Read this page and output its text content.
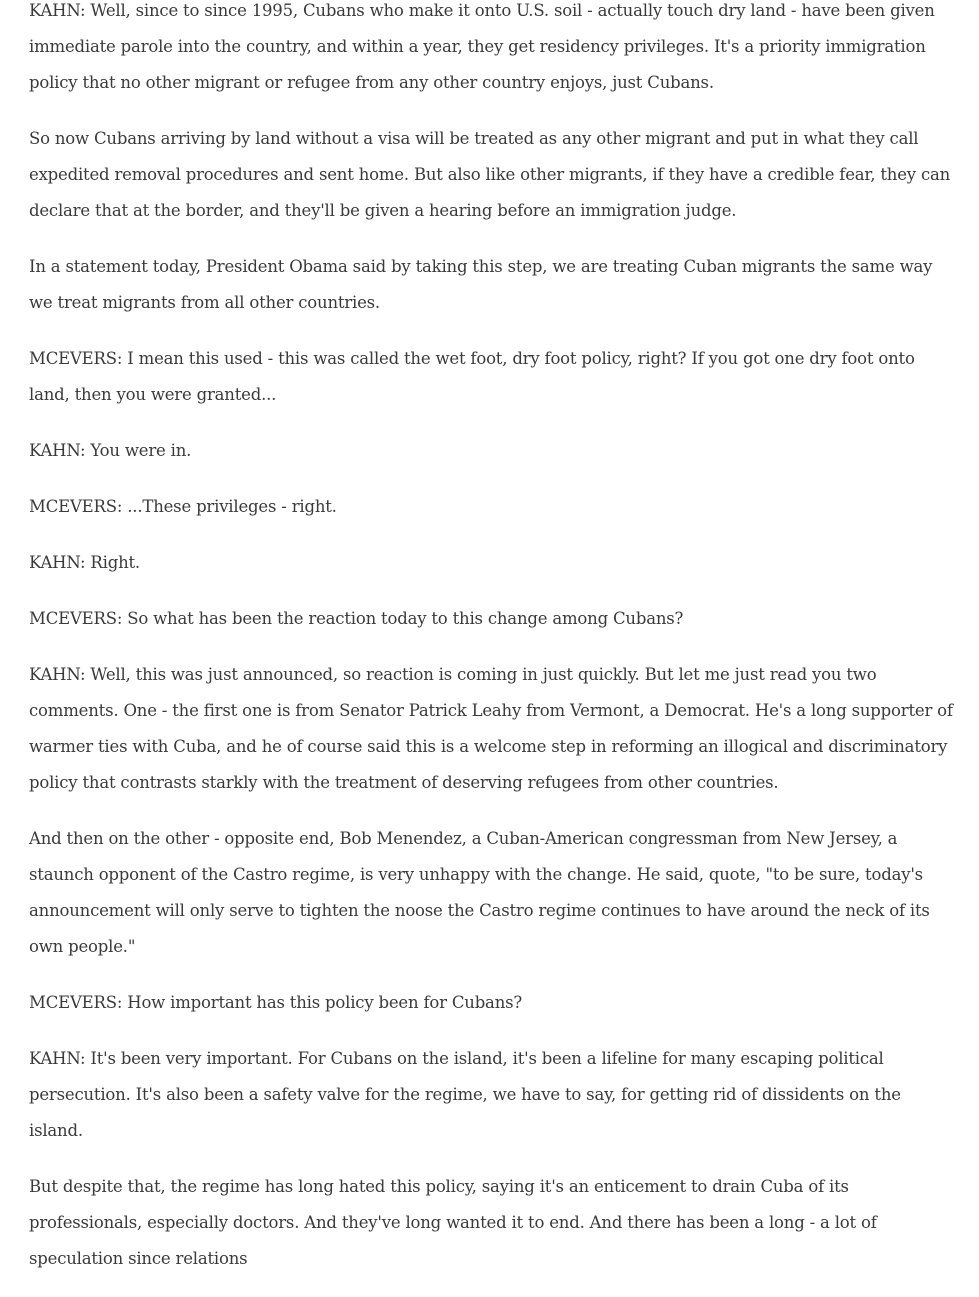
KAHN: Well, since to since 1995, Cubans who make it onto U.S. soil - actually touch dry land - have been given immediate parole into the country, and within a year, they get residency privileges. It's a priority immigration policy that no other migrant or refugee from any other country enjoys, just Cubans.

So now Cubans arriving by land without a visa will be treated as any other migrant and put in what they call expedited removal procedures and sent home. But also like other migrants, if they have a credible fear, they can declare that at the border, and they'll be given a hearing before an immigration judge.

In a statement today, President Obama said by taking this step, we are treating Cuban migrants the same way we treat migrants from all other countries.

MCEVERS: I mean this used - this was called the wet foot, dry foot policy, right? If you got one dry foot onto land, then you were granted...

KAHN: You were in.

MCEVERS: ...These privileges - right.

KAHN: Right.

MCEVERS: So what has been the reaction today to this change among Cubans?

KAHN: Well, this was just announced, so reaction is coming in just quickly. But let me just read you two comments. One - the first one is from Senator Patrick Leahy from Vermont, a Democrat. He's a long supporter of warmer ties with Cuba, and he of course said this is a welcome step in reforming an illogical and discriminatory policy that contrasts starkly with the treatment of deserving refugees from other countries.

And then on the other - opposite end, Bob Menendez, a Cuban-American congressman from New Jersey, a staunch opponent of the Castro regime, is very unhappy with the change. He said, quote, "to be sure, today's announcement will only serve to tighten the noose the Castro regime continues to have around the neck of its own people."

MCEVERS: How important has this policy been for Cubans?

KAHN: It's been very important. For Cubans on the island, it's been a lifeline for many escaping political persecution. It's also been a safety valve for the regime, we have to say, for getting rid of dissidents on the island.

But despite that, the regime has long hated this policy, saying it's an enticement to drain Cuba of its professionals, especially doctors. And they've long wanted it to end. And there has been a long - a lot of speculation since relations
